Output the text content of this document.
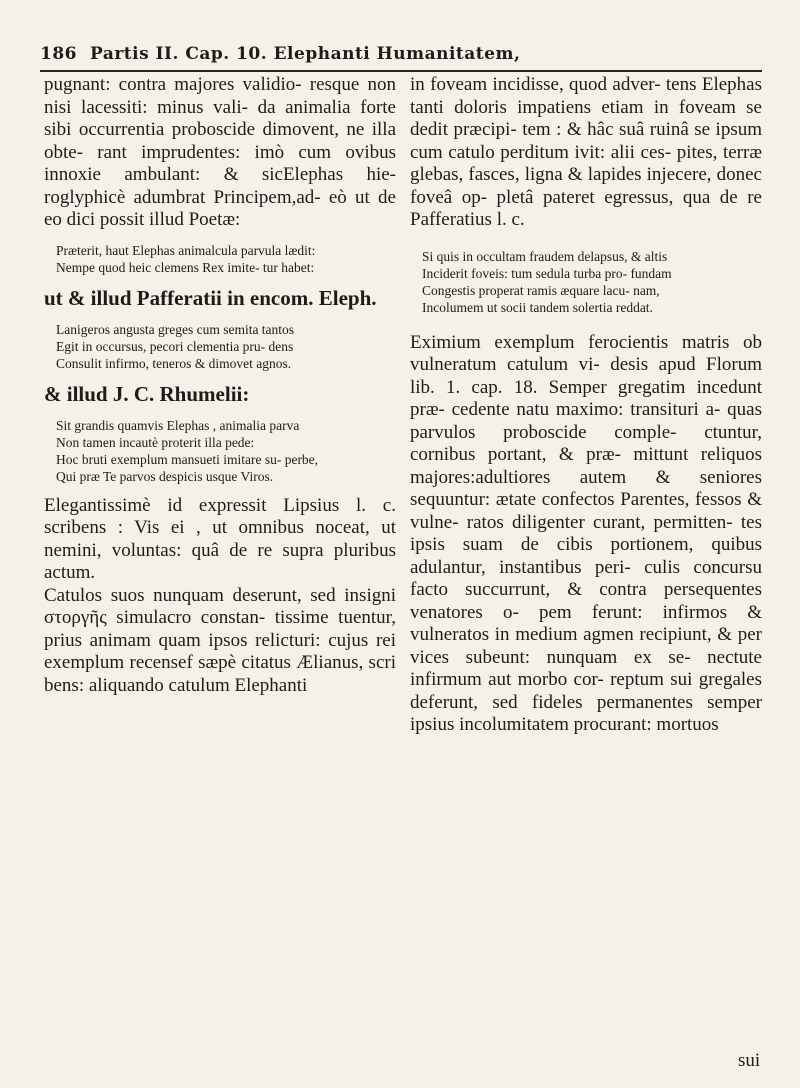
186 Partis II. Cap. 10. Elephanti Humanitatem,

pugnant: contra majores validio- resque non nisi lacessiti: minus vali- da animalia forte sibi occurrentia proboscide dimovent, ne illa obte- rant imprudentes: imò cum ovibus innoxie ambulant: & sicElephas hie- roglyphicè adumbrat Principem,ad- eò ut de eo dici possit illud Poetæ:

Præterit, haut Elephas animalcula parvula lædit:

Nempe quod heic clemens Rex imite- tur habet:

ut & illud Pafferatii in encom. Eleph.

Lanigeros angusta greges cum semita tantos

Egit in occursus, pecori clementia pru- dens

Consulit infirmo, teneros & dimovet agnos.

& illud J. C. Rhumelii:

Sit grandis quamvis Elephas , animalia parva

Non tamen incautè proterit illa pede:

Hoc bruti exemplum mansueti imitare su- perbe,

Qui præ Te parvos despicis usque Viros.

Elegantissimè id expressit Lipsius l. c. scribens : Vis ei , ut omnibus noceat, ut nemini, voluntas: quâ de re supra pluribus actum.

Catulos suos nunquam deserunt, sed insigni στοργῆς simulacro constan- tissime tuentur, prius animam quam ipsos relicturi: cujus rei exemplum recensef sæpè citatus Ælianus, scri bens: aliquando catulum Elephanti

in foveam incidisse, quod adver- tens Elephas tanti doloris impatiens etiam in foveam se dedit præcipi- tem : & hâc suâ ruinâ se ipsum cum catulo perditum ivit: alii ces- pites, terræ glebas, fasces, ligna & lapides injecere, donec foveâ op- pletâ pateret egressus, qua de re Pafferatius l. c.

Si quis in occultam fraudem delapsus, & altis

Inciderit foveis: tum sedula turba pro- fundam

Congestis properat ramis æquare lacu- nam,

Incolumem ut socii tandem solertia reddat.

Eximium exemplum ferocientis matris ob vulneratum catulum vi- desis apud Florum lib. 1. cap. 18. Semper gregatim incedunt præ- cedente natu maximo: transituri a- quas parvulos proboscide comple- ctuntur, cornibus portant, & præ- mittunt reliquos majores:adultiores autem & seniores sequuntur: ætate confectos Parentes, fessos & vulne- ratos diligenter curant, permitten- tes ipsis suam de cibis portionem, quibus adulantur, instantibus peri- culis concursu facto succurrunt, & contra persequentes venatores o- pem ferunt: infirmos & vulneratos in medium agmen recipiunt, & per vices subeunt: nunquam ex se- nectute infirmum aut morbo cor- reptum sui gregales deferunt, sed fideles permanentes semper ipsius incolumitatem procurant: mortuos

sui
